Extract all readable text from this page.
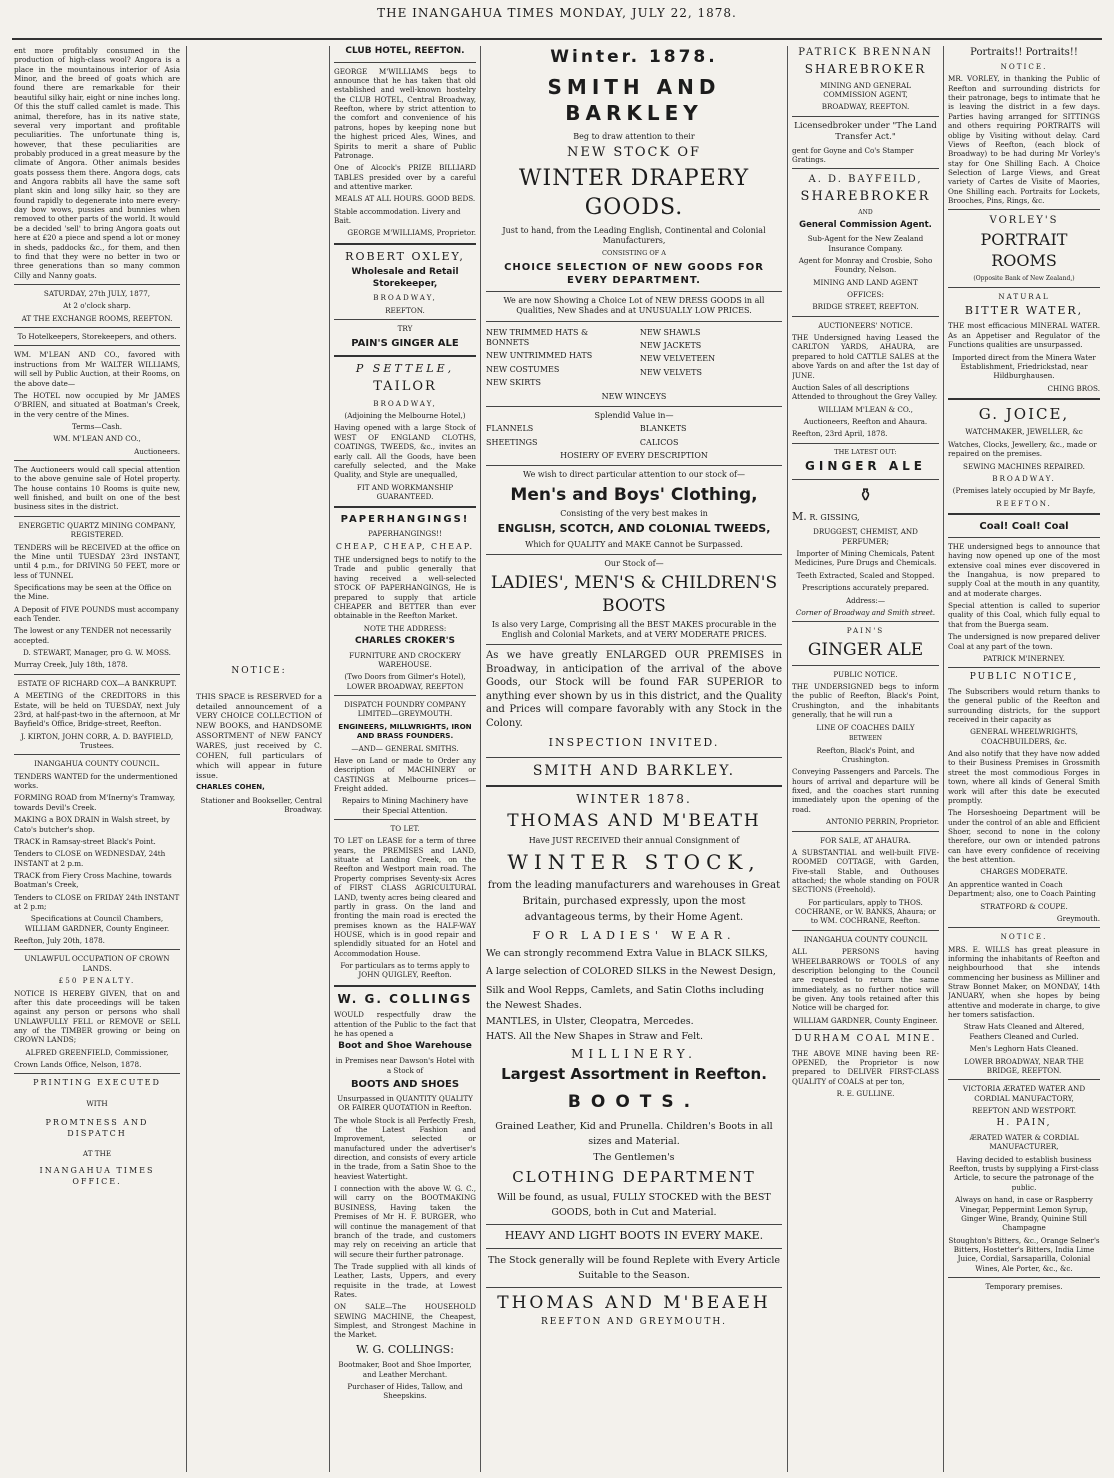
THE INANGAHUA TIMES MONDAY, JULY 22, 1878.

ent more profitably consumed in the production of high-class wool? Angora is a place in the mountainous interior of Asia Minor, and the breed of goats which are found there are remarkable for their beautiful silky hair, eight or nine inches long. Of this the stuff called camlet is made. This animal, therefore, has in its native state, several very important and profitable peculiarities. The unfortunate thing is, however, that these peculiarities are probably produced in a great measure by the climate of Angora. Other animals besides goats possess them there. Angora dogs, cats and Angora rabbits all have the same soft plant skin and long silky hair, so they are found rapidly to degenerate into mere every-day bow wows, pussies and bunnies when removed to other parts of the world. It would be a decided 'sell' to bring Angora goats out here at £20 a piece and spend a lot or money in sheds, paddocks &c., for them, and then to find that they were no better in two or three generations than so many common Cilly and Nanny goats.

SATURDAY, 27th JULY, 1877,

At 2 o'clock sharp.

AT THE EXCHANGE ROOMS, REEFTON.

To Hotelkeepers, Storekeepers, and others.

WM. M'LEAN AND CO., favored with instructions from Mr WALTER WILLIAMS, will sell by Public Auction, at their Rooms, on the above date—

The HOTEL now occupied by Mr JAMES O'BRIEN, and situated at Boatman's Creek, in the very centre of the Mines.

Terms—Cash.

WM. M'LEAN AND CO.,

Auctioneers.

The Auctioneers would call special attention to the above genuine sale of Hotel property. The house contains 10 Rooms is quite new, well finished, and built on one of the best business sites in the district.

ENERGETIC QUARTZ MINING COMPANY, REGISTERED.

TENDERS will be RECEIVED at the office on the Mine until TUESDAY 23rd INSTANT, until 4 p.m., for DRIVING 50 FEET, more or less of TUNNEL

Specifications may be seen at the Office on the Mine.

A Deposit of FIVE POUNDS must accompany each Tender.

The lowest or any TENDER not necessarily accepted.

D. STEWART, Manager, pro G. W. MOSS.

Murray Creek, July 18th, 1878.

ESTATE OF RICHARD COX—A BANKRUPT.

A MEETING of the CREDITORS in this Estate, will be held on TUESDAY, next July 23rd, at half-past-two in the afternoon, at Mr Bayfield's Office, Bridge-street, Reefton.

J. KIRTON, JOHN CORR, A. D. BAYFIELD, Trustees.

INANGAHUA COUNTY COUNCIL.

TENDERS WANTED for the undermentioned works.

FORMING ROAD from M'Inerny's Tramway, towards Devil's Creek.

MAKING a BOX DRAIN in Walsh street, by Cato's butcher's shop.

TRACK in Ramsay-street Black's Point.

Tenders to CLOSE on WEDNESDAY, 24th INSTANT at 2 p.m.

TRACK from Fiery Cross Machine, towards Boatman's Creek,

Tenders to CLOSE on FRIDAY 24th INSTANT at 2 p.m;

Specifications at Council Chambers, WILLIAM GARDNER, County Engineer.

Reefton, July 20th, 1878.

UNLAWFUL OCCUPATION OF CROWN LANDS.

£50 PENALTY.

NOTICE IS HEREBY GIVEN, that on and after this date proceedings will be taken against any person or persons who shall UNLAWFULLY FELL or REMOVE or SELL any of the TIMBER growing or being on CROWN LANDS;

ALFRED GREENFIELD, Commissioner,

Crown Lands Office, Nelson, 1878.

PRINTING EXECUTED

WITH

PROMTNESS AND DISPATCH

AT THE

INANGAHUA TIMES OFFICE.

NOTICE:

THIS SPACE is RESERVED for a detailed announcement of a VERY CHOICE COLLECTION of NEW BOOKS, and HANDSOME ASSORTMENT of NEW FANCY WARES, just received by C. COHEN, full particulars of which will appear in future issue.

CHARLES COHEN,

Stationer and Bookseller, Central Broadway.

CLUB HOTEL, REEFTON.

GEORGE M'WILLIAMS begs to announce that he has taken that old established and well-known hostelry the CLUB HOTEL, Central Broadway, Reefton, where by strict attention to the comfort and convenience of his patrons, hopes by keeping none but the highest priced Ales, Wines, and Spirits to merit a share of Public Patronage.

One of Alcock's PRIZE BILLIARD TABLES presided over by a careful and attentive marker.

MEALS AT ALL HOURS. GOOD BEDS.

Stable accommodation. Livery and Bait.

GEORGE M'WILLIAMS, Proprietor.

ROBERT OXLEY,

Wholesale and Retail Storekeeper,

BROADWAY,

REEFTON.

TRY

PAIN'S GINGER ALE

P SETTELE,

TAILOR

BROADWAY,

(Adjoining the Melbourne Hotel,)

Having opened with a large Stock of WEST OF ENGLAND CLOTHS, COATINGS, TWEEDS, &c., invites an early call. All the Goods, have been carefully selected, and the Make Quality, and Style are unequalled,

FIT AND WORKMANSHIP GUARANTEED.

PAPERHANGINGS!

PAPERHANGINGS!!

CHEAP, CHEAP, CHEAP.

THE undersigned begs to notify to the Trade and public generally that having received a well-selected STOCK OF PAPERHANGINGS, He is prepared to supply that article CHEAPER and BETTER than ever obtainable in the Reefton Market.

NOTE THE ADDRESS:

CHARLES CROKER'S

FURNITURE AND CROCKERY WAREHOUSE.

(Two Doors from Gilmer's Hotel), LOWER BROADWAY, REEFTON

DISPATCH FOUNDRY COMPANY LIMITED—GREYMOUTH.

ENGINEERS, MILLWRIGHTS, IRON AND BRASS FOUNDERS.

—AND— GENERAL SMITHS.

Have on Land or made to Order any description of MACHINERY or CASTINGS at Melbourne prices—Freight added.

Repairs to Mining Machinery have their Special Attention.

TO LET.

TO LET on LEASE for a term of three years, the PREMISES and LAND, situate at Landing Creek, on the Reefton and Westport main road. The Property comprises Seventy-six Acres of FIRST CLASS AGRICULTURAL LAND, twenty acres being cleared and partly in grass. On the land and fronting the main road is erected the premises known as the HALF-WAY HOUSE, which is in good repair and splendidly situated for an Hotel and Accommodation House.

For particulars as to terms apply to JOHN QUIGLEY, Reefton.

W. G. COLLINGS

WOULD respectfully draw the attention of the Public to the fact that he has opened a

Boot and Shoe Warehouse

in Premises near Dawson's Hotel with a Stock of

BOOTS AND SHOES

Unsurpassed in QUANTITY QUALITY OR FAIRER QUOTATION in Reefton.

The whole Stock is all Perfectly Fresh, of the Latest Fashion and Improvement, selected or manufactured under the advertiser's direction, and consists of every article in the trade, from a Satin Shoe to the heaviest Watertight.

I connection with the above W. G. C., will carry on the BOOTMAKING BUSINESS, Having taken the Premises of Mr H. F. BURGER, who will continue the management of that branch of the trade, and customers may rely on receiving an article that will secure their further patronage.

The Trade supplied with all kinds of Leather, Lasts, Uppers, and every requisite in the trade, at Lowest Rates.

ON SALE—The HOUSEHOLD SEWING MACHINE, the Cheapest, Simplest, and Strongest Machine in the Market.

W. G. COLLINGS:

Bootmaker, Boot and Shoe Importer, and Leather Merchant.

Purchaser of Hides, Tallow, and Sheepskins.

Winter. 1878.

SMITH AND BARKLEY

Beg to draw attention to their

NEW STOCK OF

WINTER DRAPERY GOODS.

Just to hand, from the Leading English, Continental and Colonial Manufacturers,

CONSISTING OF A

CHOICE SELECTION OF NEW GOODS FOR EVERY DEPARTMENT.

We are now Showing a Choice Lot of NEW DRESS GOODS in all Qualities, New Shades and at UNUSUALLY LOW PRICES.

NEW TRIMMED HATS & BONNETS

NEW UNTRIMMED HATS

NEW COSTUMES

NEW SKIRTS

NEW SHAWLS

NEW JACKETS

NEW VELVETEEN

NEW VELVETS

NEW WINCEYS

Splendid Value in—

FLANNELS

SHEETINGS

BLANKETS

CALICOS

HOSIERY OF EVERY DESCRIPTION

We wish to direct particular attention to our stock of—

Men's and Boys' Clothing,

Consisting of the very best makes in

ENGLISH, SCOTCH, AND COLONIAL TWEEDS,

Which for QUALITY and MAKE Cannot be Surpassed.

Our Stock of—

LADIES', MEN'S & CHILDREN'S BOOTS

Is also very Large, Comprising all the BEST MAKES procurable in the English and Colonial Markets, and at VERY MODERATE PRICES.

As we have greatly ENLARGED OUR PREMISES in Broadway, in anticipation of the arrival of the above Goods, our Stock will be found FAR SUPERIOR to anything ever shown by us in this district, and the Quality and Prices will compare favorably with any Stock in the Colony.

INSPECTION INVITED.

SMITH AND BARKLEY.

WINTER 1878.

THOMAS AND M'BEATH

Have JUST RECEIVED their annual Consignment of

WINTER STOCK,

from the leading manufacturers and warehouses in Great Britain, purchased expressly, upon the most advantageous terms, by their Home Agent.

FOR LADIES' WEAR.

We can strongly recommend Extra Value in BLACK SILKS,

A large selection of COLORED SILKS in the Newest Design,

Silk and Wool Repps, Camlets, and Satin Cloths including the Newest Shades.

MANTLES, in Ulster, Cleopatra, Mercedes.

HATS. All the New Shapes in Straw and Felt.

MILLINERY.

Largest Assortment in Reefton.

BOOTS.

Grained Leather, Kid and Prunella. Children's Boots in all sizes and Material.

The Gentlemen's

CLOTHING DEPARTMENT

Will be found, as usual, FULLY STOCKED with the BEST GOODS, both in Cut and Material.

HEAVY AND LIGHT BOOTS IN EVERY MAKE.

The Stock generally will be found Replete with Every Article Suitable to the Season.

THOMAS AND M'BEAEH

REEFTON AND GREYMOUTH.

PATRICK BRENNAN

SHAREBROKER

MINING AND GENERAL COMMISSION AGENT,

BROADWAY, REEFTON.

Licensedbroker under "The Land Transfer Act."

gent for Goyne and Co's Stamper Gratings.

A. D. BAYFEILD,

SHAREBROKER

AND

General Commission Agent.

Sub-Agent for the New Zealand Insurance Company.

Agent for Monray and Crosbie, Soho Foundry, Nelson.

MINING AND LAND AGENT

OFFICES:

BRIDGE STREET, REEFTON.

AUCTIONEERS' NOTICE.

THE Undersigned having Leased the CARLTON YARDS, AHAURA, are prepared to hold CATTLE SALES at the above Yards on and after the 1st day of JUNE.

Auction Sales of all descriptions Attended to throughout the Grey Valley.

WILLIAM M'LEAN & CO.,

Auctioneers, Reefton and Ahaura.

Reefton, 23rd April, 1878.

THE LATEST OUT:

GINGER ALE

⚱

M. R. GISSING,

DRUGGEST, CHEMIST, AND PERFUMER;

Importer of Mining Chemicals, Patent Medicines, Pure Drugs and Chemicals.

Teeth Extracted, Scaled and Stopped.

Prescriptions accurately prepared.

Address:—

Corner of Broadway and Smith street.

PAIN'S

GINGER ALE

PUBLIC NOTICE.

THE UNDERSIGNED begs to inform the public of Reefton, Black's Point, Crushington, and the inhabitants generally, that he will run a

LINE OF COACHES DAILY

BETWEEN

Reefton, Black's Point, and Crushington.

Conveying Passengers and Parcels. The hours of arrival and departure will be fixed, and the coaches start running immediately upon the opening of the road.

ANTONIO PERRIN, Proprietor.

FOR SALE, AT AHAURA.

A SUBSTANTIAL and well-built FIVE-ROOMED COTTAGE, with Garden, Five-stall Stable, and Outhouses attached; the whole standing on FOUR SECTIONS (Freehold).

For particulars, apply to THOS. COCHRANE, or W. BANKS, Ahaura; or to WM. COCHRANE, Reefton.

INANGAHUA COUNTY COUNCIL

ALL PERSONS having WHEELBARROWS or TOOLS of any description belonging to the Council are requested to return the same immediately, as no further notice will be given. Any tools retained after this Notice will be charged for.

WILLIAM GARDNER, County Engineer.

DURHAM COAL MINE.

THE ABOVE MINE having been RE-OPENED, the Proprietor is now prepared to DELIVER FIRST-CLASS QUALITY of COALS at per ton,

R. E. GULLINE.

Portraits!! Portraits!!

NOTICE.

MR. VORLEY, in thanking the Public of Reefton and surrounding districts for their patronage, begs to intimate that he is leaving the district in a few days. Parties having arranged for SITTINGS and others requiring PORTRAITS will oblige by Visiting without delay. Card Views of Reefton, (each block of Broadway) to be had during Mr Vorley's stay for One Shilling Each. A Choice Selection of Large Views, and Great variety of Cartes de Visite of Maories, One Shilling each. Portraits for Lockets, Brooches, Pins, Rings, &c.

VORLEY'S

PORTRAIT ROOMS

(Opposite Bank of New Zealand,)

NATURAL

BITTER WATER,

THE most efficacious MINERAL WATER. As an Appetiser and Regulator of the Functions qualities are unsurpassed.

Imported direct from the Minera Water Establishment, Friedrickstad, near Hildburghausen.

CHING BROS.

G. JOICE,

WATCHMAKER, JEWELLER, &c

Watches, Clocks, Jewellery, &c., made or repaired on the premises.

SEWING MACHINES REPAIRED.

BROADWAY.

(Premises lately occupied by Mr Bayfe,

REEFTON.

Coal! Coal! Coal

THE undersigned begs to announce that having now opened up one of the most extensive coal mines ever discovered in the Inangahua, is now prepared to supply Coal at the mouth in any quantity, and at moderate charges.

Special attention is called to superior quality of this Coal, which fully equal to that from the Buerga seam.

The undersigned is now prepared deliver Coal at any part of the town.

PATRICK M'INERNEY.

PUBLIC NOTICE,

The Subscribers would return thanks to the general public of the Reefton and surrounding districts, for the support received in their capacity as

GENERAL WHEELWRIGHTS, COACHBUILDERS, &c.

And also notify that they have now added to their Business Premises in Grossmith street the most commodious Forges in town, where all kinds of General Smith work will after this date be executed promptly.

The Horseshoeing Department will be under the control of an able and Efficient Shoer, second to none in the colony therefore, our own or intended patrons can have every confidence of receiving the best attention.

CHARGES MODERATE.

An apprentice wanted in Coach Department; also, one to Coach Painting

STRATFORD & COUPE.

Greymouth.

NOTICE.

MRS. E. WILLS has great pleasure in informing the inhabitants of Reefton and neighbourhood that she intends commencing her business as Milliner and Straw Bonnet Maker, on MONDAY, 14th JANUARY, when she hopes by being attentive and moderate in charge, to give her tomers satisfaction.

Straw Hats Cleaned and Altered, Feathers Cleaned and Curled.

Men's Leghorn Hats Cleaned.

LOWER BROADWAY, NEAR THE BRIDGE, REEFTON.

VICTORIA ÆRATED WATER AND CORDIAL MANUFACTORY,

REEFTON AND WESTPORT.

H. PAIN,

ÆRATED WATER & CORDIAL MANUFACTURER,

Having decided to establish business Reefton, trusts by supplying a First-class Article, to secure the patronage of the public.

Always on hand, in case or Raspberry Vinegar, Peppermint Lemon Syrup, Ginger Wine, Brandy, Quinine Still Champagne

Stoughton's Bitters, &c., Orange Selner's Bitters, Hostetter's Bitters, India Lime Juice, Cordial, Sarsaparilla, Colonial Wines, Ale Porter, &c., &c.

Temporary premises.
